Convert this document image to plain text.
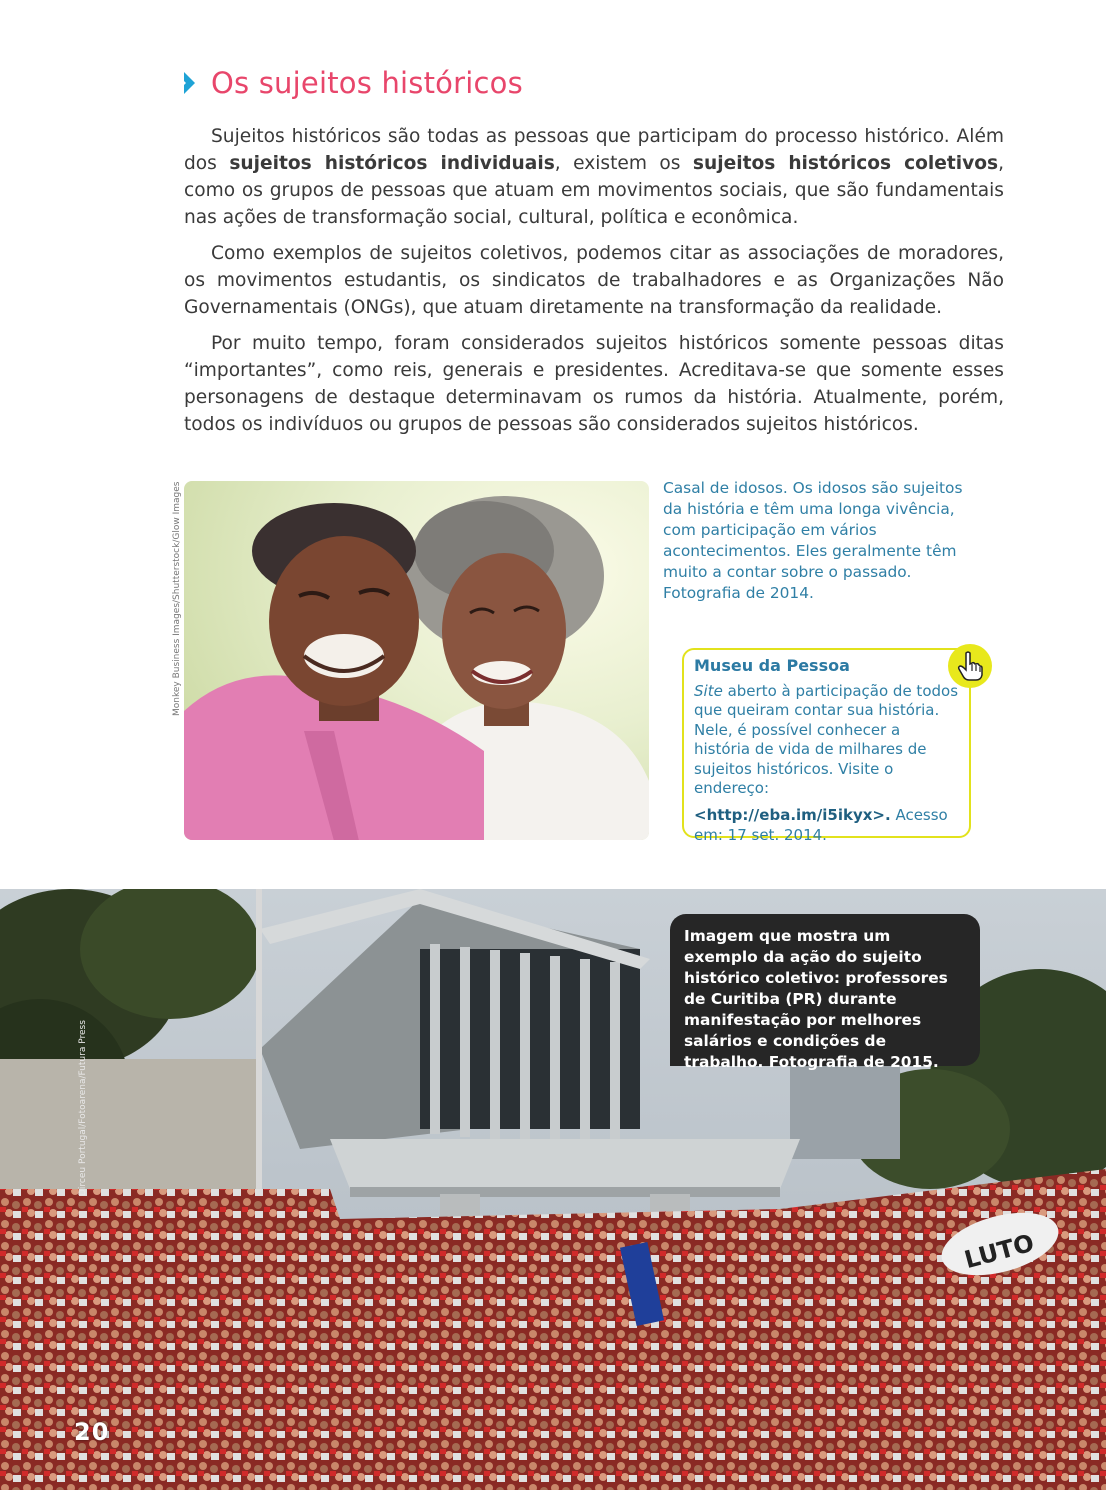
Os sujeitos históricos

Sujeitos históricos são todas as pessoas que participam do processo histórico. Além dos sujeitos históricos individuais, existem os sujeitos históricos coletivos, como os grupos de pessoas que atuam em movimentos sociais, que são fundamentais nas ações de transformação social, cultural, política e econômica.

Como exemplos de sujeitos coletivos, podemos citar as associações de moradores, os movimentos estudantis, os sindicatos de trabalhadores e as Organizações Não Governamentais (ONGs), que atuam diretamente na transformação da realidade.

Por muito tempo, foram considerados sujeitos históricos somente pessoas ditas “importantes”, como reis, generais e presidentes. Acreditava-se que somente esses personagens de destaque determinavam os rumos da história. Atualmente, porém, todos os indivíduos ou grupos de pessoas são considerados sujeitos históricos.

Monkey Business Images/Shutterstock/Glow Images	Casal de idosos. Os idosos são sujeitos da história e têm uma longa vivência, com participação em vários acontecimentos. Eles geralmente têm muito a contar sobre o passado. Fotografia de 2014.

Museu da Pessoa

Site aberto à participação de todos que queiram contar sua história. Nele, é possível conhecer a história de vida de milhares de sujeitos históricos. Visite o endereço:

<http://eba.im/i5ikyx>. Acesso em: 17 set. 2014.

LUTO
Dirceu Portugal/Fotoarena/Futura Press
Imagem que mostra um exemplo da ação do sujeito histórico coletivo: professores de Curitiba (PR) durante manifestação por melhores salários e condições de trabalho. Fotografia de 2015.
20
